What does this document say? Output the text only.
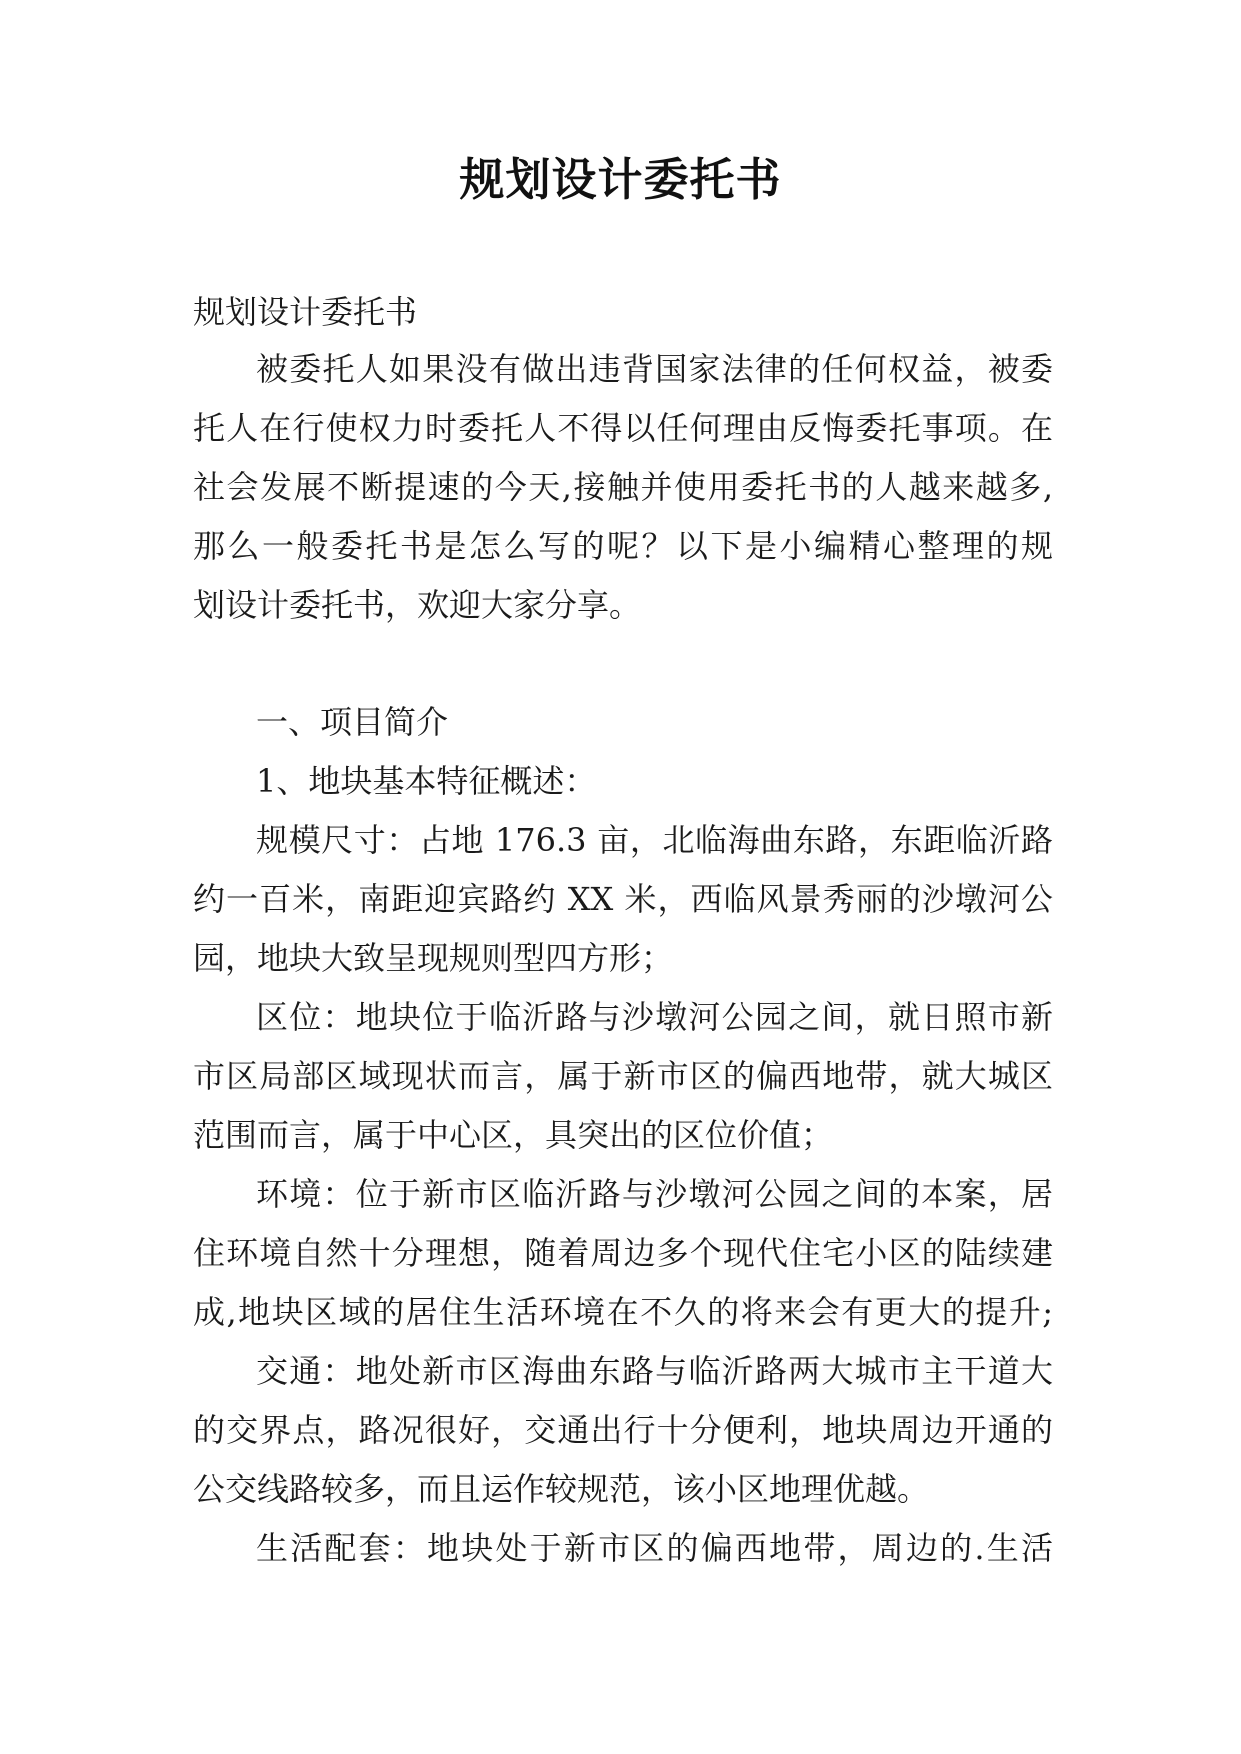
规划设计委托书
规划设计委托书
被委托人如果没有做出违背国家法律的任何权益，被委
托人在行使权力时委托人不得以任何理由反悔委托事项。在
社会发展不断提速的今天,接触并使用委托书的人越来越多,
那么一般委托书是怎么写的呢？以下是小编精心整理的规
划设计委托书，欢迎大家分享。
一、项目简介
1、地块基本特征概述：
规模尺寸：占地 176.3 亩，北临海曲东路，东距临沂路
约一百米，南距迎宾路约 XX 米，西临风景秀丽的沙墩河公
园，地块大致呈现规则型四方形；
区位：地块位于临沂路与沙墩河公园之间，就日照市新
市区局部区域现状而言，属于新市区的偏西地带，就大城区
范围而言，属于中心区，具突出的区位价值；
环境：位于新市区临沂路与沙墩河公园之间的本案，居
住环境自然十分理想，随着周边多个现代住宅小区的陆续建
成,地块区域的居住生活环境在不久的将来会有更大的提升;
交通：地处新市区海曲东路与临沂路两大城市主干道大
的交界点，路况很好，交通出行十分便利，地块周边开通的
公交线路较多，而且运作较规范，该小区地理优越。
生活配套：地块处于新市区的偏西地带，周边的.生活
